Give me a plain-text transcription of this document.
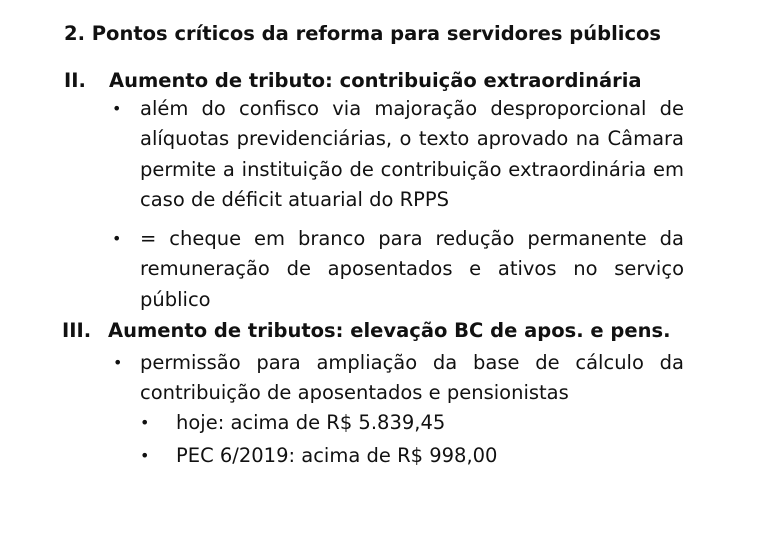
2. Pontos críticos da reforma para servidores públicos
II. Aumento de tributo: contribuição extraordinária
• além do confisco via majoração desproporcional de alíquotas previdenciárias, o texto aprovado na Câmara permite a instituição de contribuição extraordinária em caso de déficit atuarial do RPPS
• = cheque em branco para redução permanente da remuneração de aposentados e ativos no serviço público
III. Aumento de tributos: elevação BC de apos. e pens.
• permissão para ampliação da base de cálculo da contribuição de aposentados e pensionistas
• hoje: acima de R$ 5.839,45
• PEC 6/2019: acima de R$ 998,00
